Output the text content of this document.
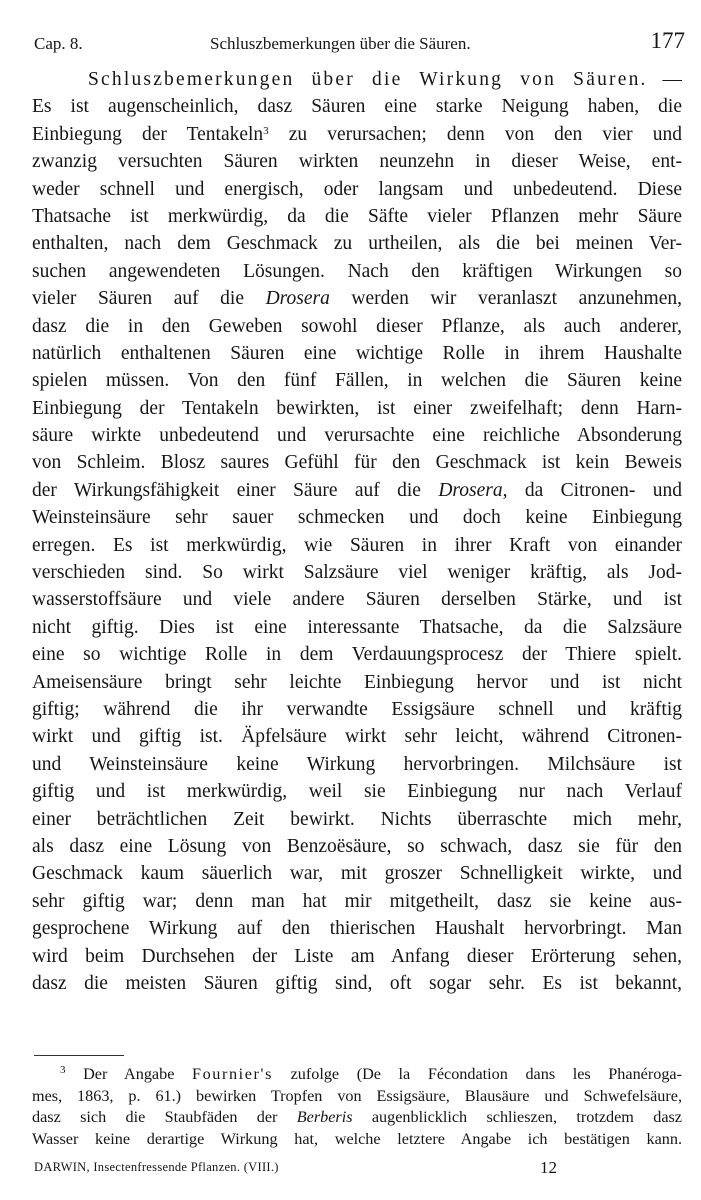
Cap. 8.	Schluszbemerkungen über die Säuren.	177
Schluszbemerkungen über die Wirkung von Säuren. —
Es ist augenscheinlich, dasz Säuren eine starke Neigung haben, die
Einbiegung der Tentakeln$^3$ zu verursachen; denn von den vier und
zwanzig versuchten Säuren wirkten neunzehn in dieser Weise, ent-
weder schnell und energisch, oder langsam und unbedeutend. Diese
Thatsache ist merkwürdig, da die Säfte vieler Pflanzen mehr Säure
enthalten, nach dem Geschmack zu urtheilen, als die bei meinen Ver-
suchen angewendeten Lösungen. Nach den kräftigen Wirkungen so
vieler Säuren auf die Drosera werden wir veranlaszt anzunehmen,
dasz die in den Geweben sowohl dieser Pflanze, als auch anderer,
natürlich enthaltenen Säuren eine wichtige Rolle in ihrem Haushalte
spielen müssen. Von den fünf Fällen, in welchen die Säuren keine
Einbiegung der Tentakeln bewirkten, ist einer zweifelhaft; denn Harn-
säure wirkte unbedeutend und verursachte eine reichliche Absonderung
von Schleim. Blosz saures Gefühl für den Geschmack ist kein Beweis
der Wirkungsfähigkeit einer Säure auf die Drosera, da Citronen- und
Weinsteinsäure sehr sauer schmecken und doch keine Einbiegung
erregen. Es ist merkwürdig, wie Säuren in ihrer Kraft von einander
verschieden sind. So wirkt Salzsäure viel weniger kräftig, als Jod-
wasserstoffsäure und viele andere Säuren derselben Stärke, und ist
nicht giftig. Dies ist eine interessante Thatsache, da die Salzsäure
eine so wichtige Rolle in dem Verdauungsprocesz der Thiere spielt.
Ameisensäure bringt sehr leichte Einbiegung hervor und ist nicht
giftig; während die ihr verwandte Essigsäure schnell und kräftig
wirkt und giftig ist. Äpfelsäure wirkt sehr leicht, während Citronen-
und Weinsteinsäure keine Wirkung hervorbringen. Milchsäure ist
giftig und ist merkwürdig, weil sie Einbiegung nur nach Verlauf
einer beträchtlichen Zeit bewirkt. Nichts überraschte mich mehr,
als dasz eine Lösung von Benzoësäure, so schwach, dasz sie für den
Geschmack kaum säuerlich war, mit groszer Schnelligkeit wirkte, und
sehr giftig war; denn man hat mir mitgetheilt, dasz sie keine aus-
gesprochene Wirkung auf den thierischen Haushalt hervorbringt. Man
wird beim Durchsehen der Liste am Anfang dieser Erörterung sehen,
dasz die meisten Säuren giftig sind, oft sogar sehr. Es ist bekannt,
$^3$ Der Angabe Fournier's zufolge (De la Fécondation dans les Phanéroga-
mes, 1863, p. 61.) bewirken Tropfen von Essigsäure, Blausäure und Schwefelsäure,
dasz sich die Staubfäden der Berberis augenblicklich schlieszen, trotzdem dasz
Wasser keine derartige Wirkung hat, welche letztere Angabe ich bestätigen kann.
DARWIN, Insectenfressende Pflanzen. (VIII.)	12
